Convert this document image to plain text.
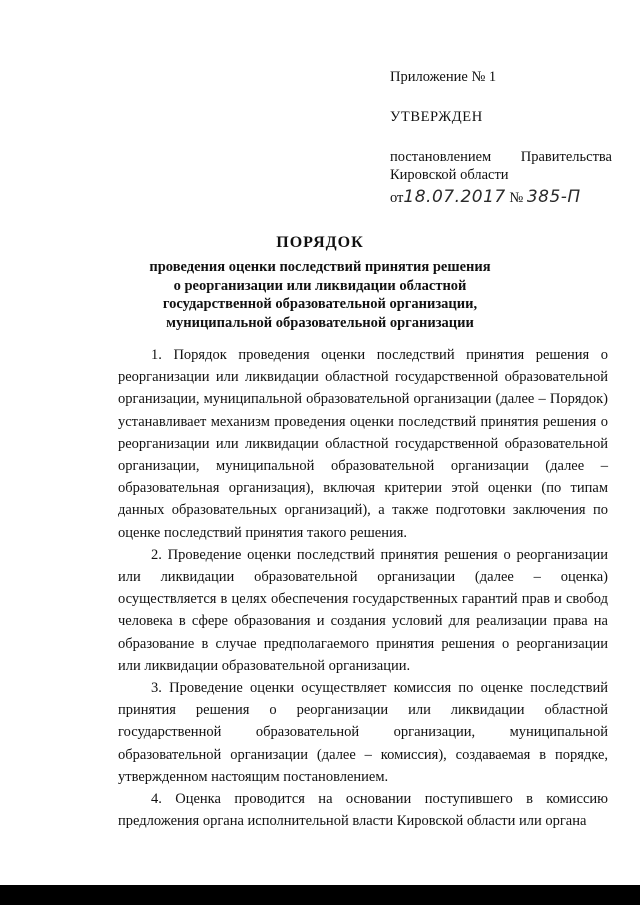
Приложение № 1
УТВЕРЖДЕН
постановлением Правительства
Кировской области
от 18.07.2017 № 385-П
ПОРЯДОК
проведения оценки последствий принятия решения
о реорганизации или ликвидации областной
государственной образовательной организации,
муниципальной образовательной организации

1. Порядок проведения оценки последствий принятия решения о реорганизации или ликвидации областной государственной образовательной организации, муниципальной образовательной организации (далее – Порядок) устанавливает механизм проведения оценки последствий принятия решения о реорганизации или ликвидации областной государственной образовательной организации, муниципальной образовательной организации (далее – образовательная организация), включая критерии этой оценки (по типам данных образовательных организаций), а также подготовки заключения по оценке последствий принятия такого решения.

2. Проведение оценки последствий принятия решения о реорганизации или ликвидации образовательной организации (далее – оценка) осуществляется в целях обеспечения государственных гарантий прав и свобод человека в сфере образования и создания условий для реализации права на образование в случае предполагаемого принятия решения о реорганизации или ликвидации образовательной организации.

3. Проведение оценки осуществляет комиссия по оценке последствий принятия решения о реорганизации или ликвидации областной государственной образовательной организации, муниципальной образовательной организации (далее – комиссия), создаваемая в порядке, утвержденном настоящим постановлением.

4. Оценка проводится на основании поступившего в комиссию предложения органа исполнительной власти Кировской области или органа
